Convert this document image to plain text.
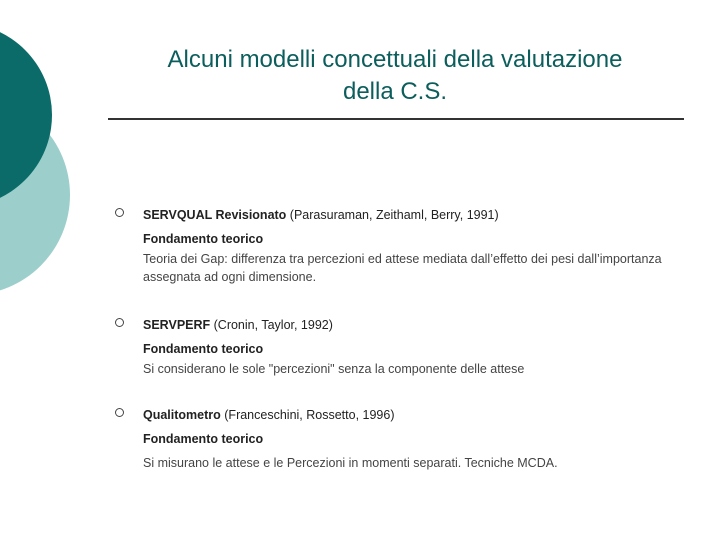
Alcuni modelli concettuali della valutazione
della C.S.

SERVQUAL Revisionato (Parasuraman, Zeithaml, Berry, 1991)

Fondamento teorico

Teoria dei Gap: differenza tra percezioni ed attese mediata dall’effetto dei pesi dall’importanza assegnata ad ogni dimensione.

SERVPERF (Cronin, Taylor, 1992)

Fondamento teorico

Si considerano le sole "percezioni" senza la componente delle attese

Qualitometro (Franceschini, Rossetto, 1996)

Fondamento teorico

Si misurano le attese e le Percezioni in momenti separati. Tecniche MCDA.
